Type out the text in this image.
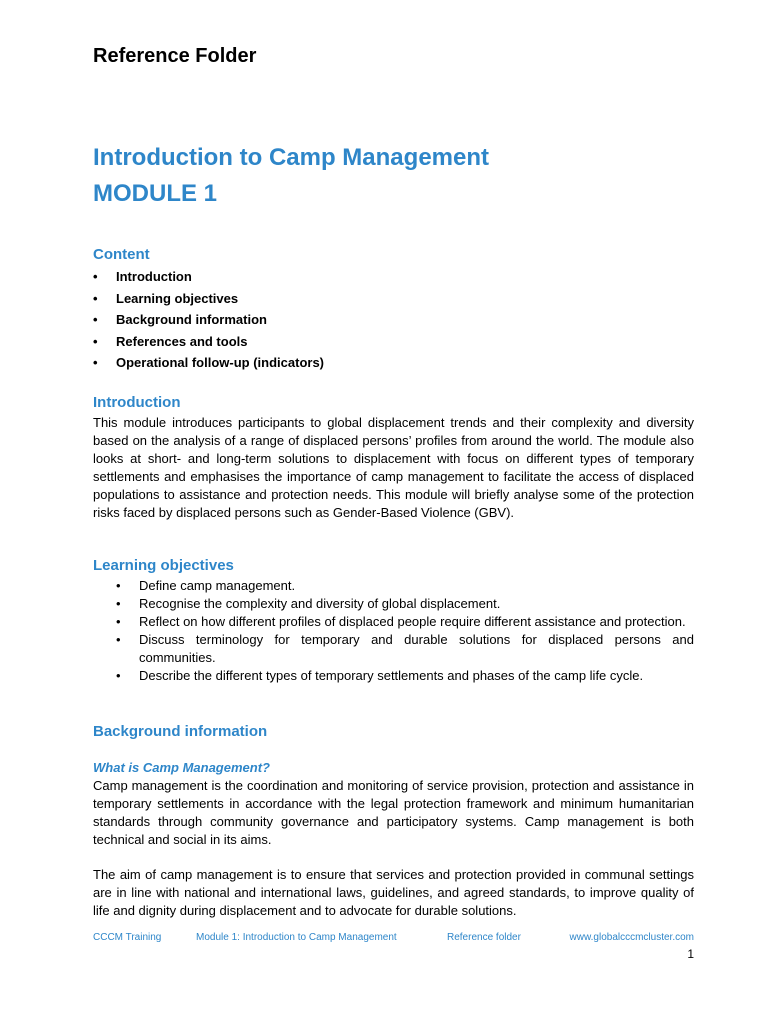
Reference Folder
Introduction to Camp Management
MODULE 1
Content
• Introduction
• Learning objectives
• Background information
• References and tools
• Operational follow-up (indicators)
Introduction

This module introduces participants to global displacement trends and their complexity and diversity based on the analysis of a range of displaced persons’ profiles from around the world. The module also looks at short- and long-term solutions to displacement with focus on different types of temporary settlements and emphasises the importance of camp management to facilitate the access of displaced populations to assistance and protection needs. This module will briefly analyse some of the protection risks faced by displaced persons such as Gender-Based Violence (GBV).

Learning objectives
• Define camp management.
• Recognise the complexity and diversity of global displacement.
• Reflect on how different profiles of displaced people require different assistance and protection.
• Discuss terminology for temporary and durable solutions for displaced persons and communities.
• Describe the different types of temporary settlements and phases of the camp life cycle.
Background information
What is Camp Management?

Camp management is the coordination and monitoring of service provision, protection and assistance in temporary settlements in accordance with the legal protection framework and minimum humanitarian standards through community governance and participatory systems. Camp management is both technical and social in its aims.

The aim of camp management is to ensure that services and protection provided in communal settings are in line with national and international laws, guidelines, and agreed standards, to improve quality of life and dignity during displacement and to advocate for durable solutions.

CCCM Training	Module 1: Introduction to Camp Management	Reference folder	www.globalcccmcluster.com
1
